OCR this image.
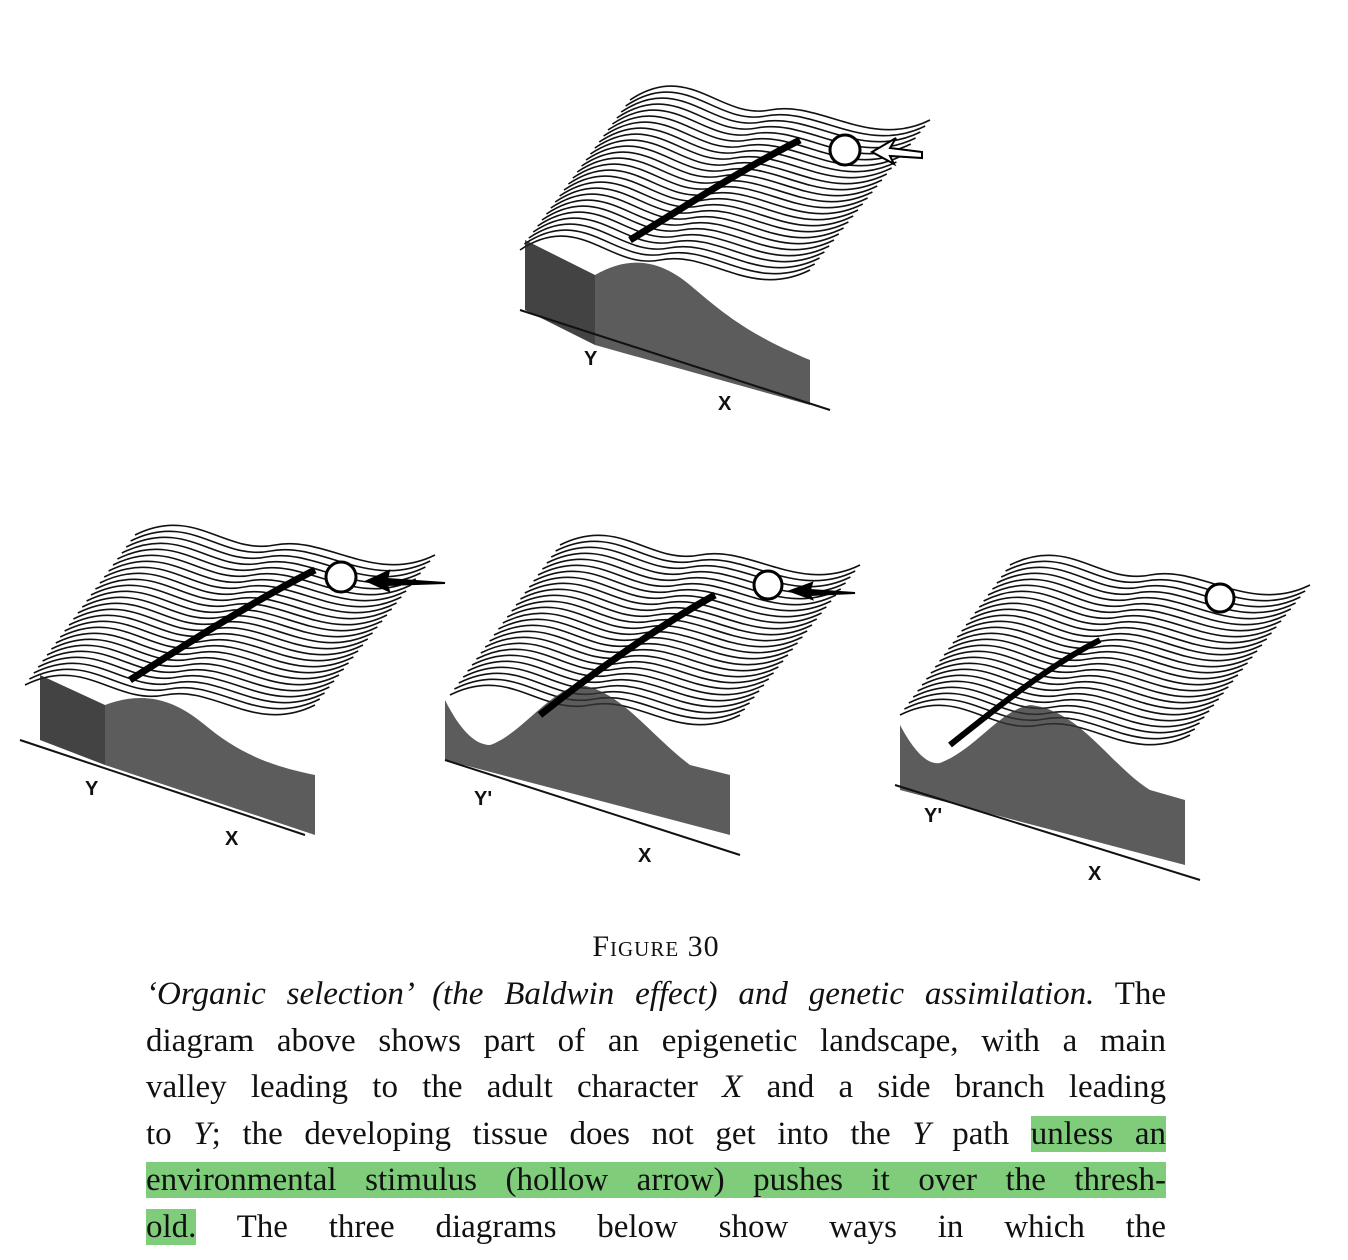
Y
X
Y
X
Y'
X
Y'
X
Figure 30

‘Organic selection’ (the Baldwin effect) and genetic assimilation. The
diagram above shows part of an epigenetic landscape, with a main
valley leading to the adult character X and a side branch leading
to Y; the developing tissue does not get into the Y path unless an
environmental stimulus (hollow arrow) pushes it over the thresh-
old. The three diagrams below show ways in which the
